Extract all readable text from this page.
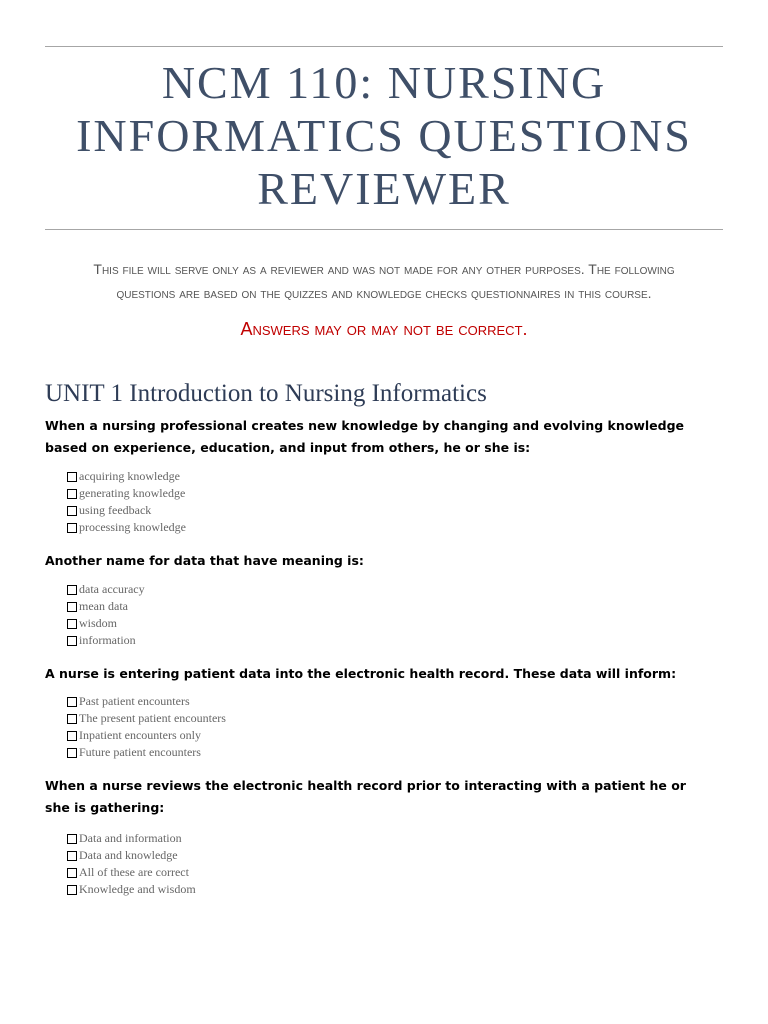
NCM 110: NURSING
INFORMATICS QUESTIONS
REVIEWER
This file will serve only as a reviewer and was not made for any other purposes. The following
questions are based on the quizzes and knowledge checks questionnaires in this course.
Answers may or may not be correct.
UNIT 1 Introduction to Nursing Informatics
When a nursing professional creates new knowledge by changing and evolving knowledge
based on experience, education, and input from others, he or she is:
acquiring knowledge
generating knowledge
using feedback
processing knowledge
Another name for data that have meaning is:
data accuracy
mean data
wisdom
information
A nurse is entering patient data into the electronic health record. These data will inform:
Past patient encounters
The present patient encounters
Inpatient encounters only
Future patient encounters
When a nurse reviews the electronic health record prior to interacting with a patient he or
she is gathering:
Data and information
Data and knowledge
All of these are correct
Knowledge and wisdom
